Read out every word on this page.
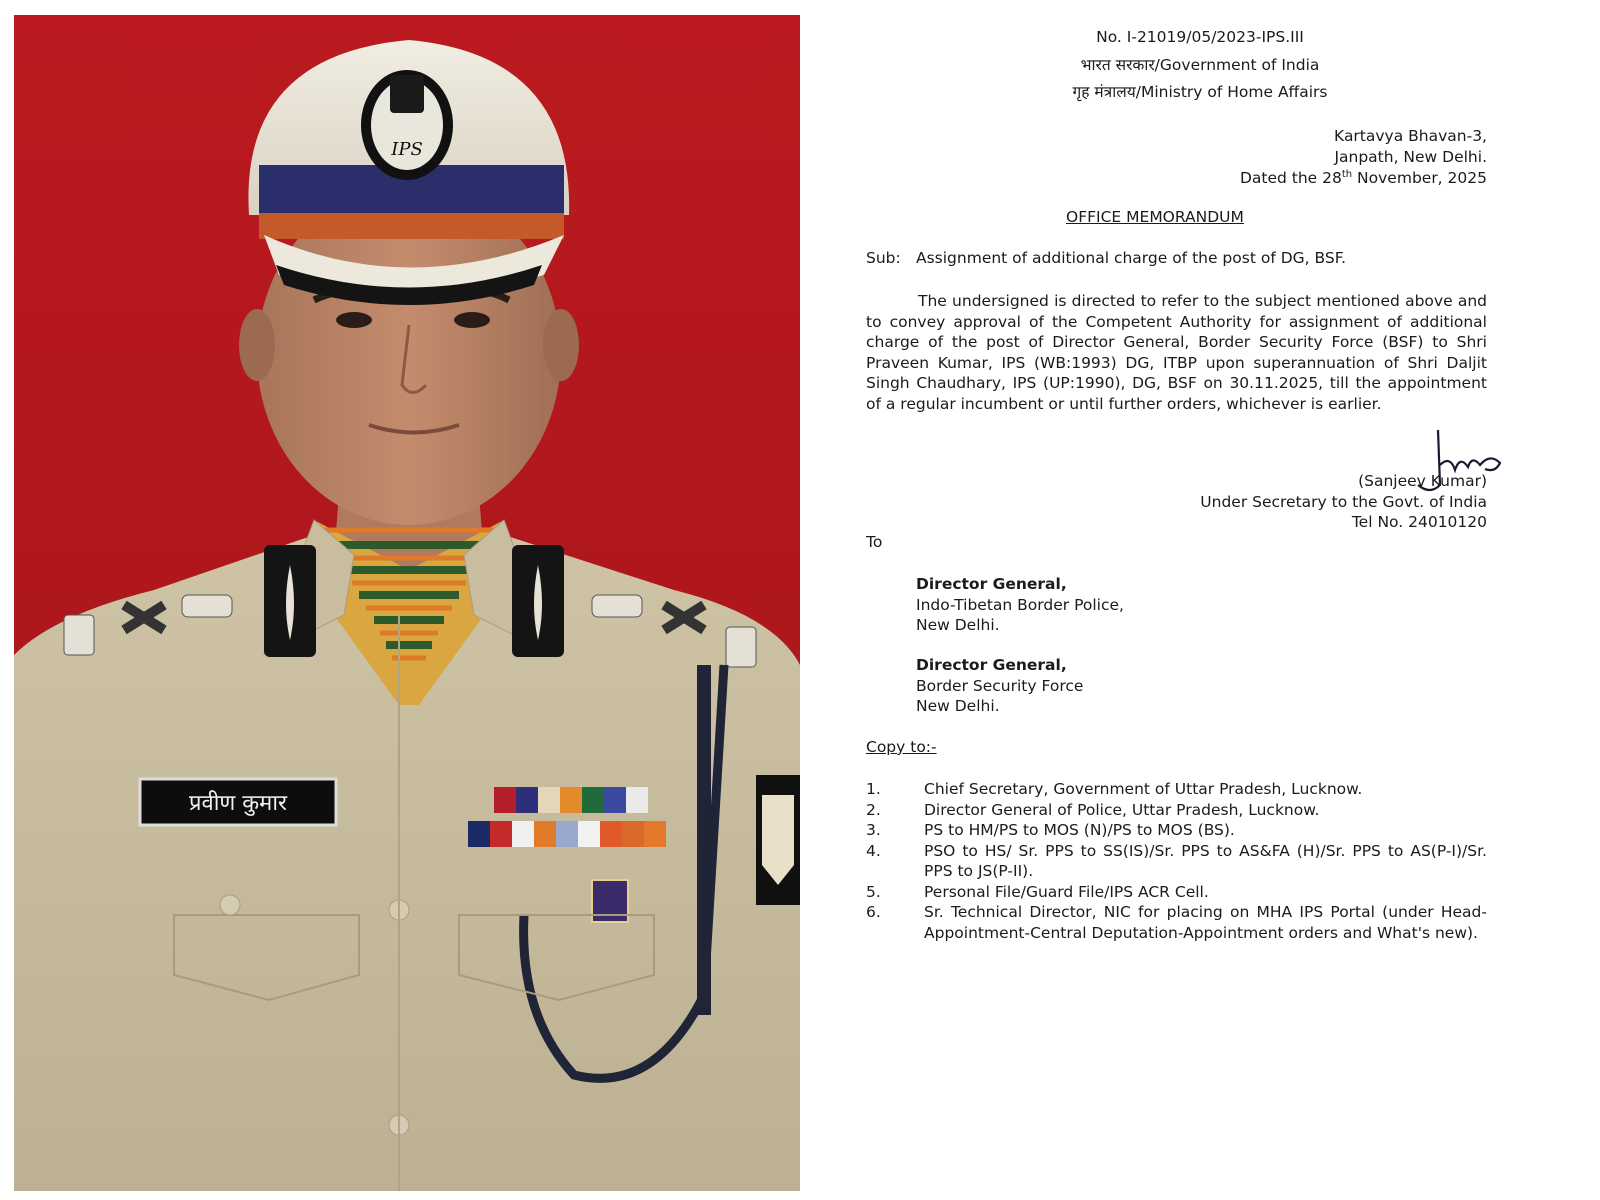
प्रवीण कुमार
IPS
No. I-21019/05/2023-IPS.III
भारत सरकार/Government of India
गृह मंत्रालय/Ministry of Home Affairs
Kartavya Bhavan-3,
Janpath, New Delhi.
Dated the 28th November, 2025
OFFICE MEMORANDUM
Sub: Assignment of additional charge of the post of DG, BSF.
The undersigned is directed to refer to the subject mentioned above and to convey approval of the Competent Authority for assignment of additional charge of the post of Director General, Border Security Force (BSF) to Shri Praveen Kumar, IPS (WB:1993) DG, ITBP upon superannuation of Shri Daljit Singh Chaudhary, IPS (UP:1990), DG, BSF on 30.11.2025, till the appointment of a regular incumbent or until further orders, whichever is earlier.
(Sanjeev Kumar)
Under Secretary to the Govt. of India
Tel No. 24010120
To
Director General,
Indo-Tibetan Border Police,
New Delhi.
Director General,
Border Security Force
New Delhi.
Copy to:-
1.	Chief Secretary, Government of Uttar Pradesh, Lucknow.
2.	Director General of Police, Uttar Pradesh, Lucknow.
3.	PS to HM/PS to MOS (N)/PS to MOS (BS).
4.	PSO to HS/ Sr. PPS to SS(IS)/Sr. PPS to AS&FA (H)/Sr. PPS to AS(P-I)/Sr. PPS to JS(P-II).
5.	Personal File/Guard File/IPS ACR Cell.
6.	Sr. Technical Director, NIC for placing on MHA IPS Portal (under Head-Appointment-Central Deputation-Appointment orders and What's new).
